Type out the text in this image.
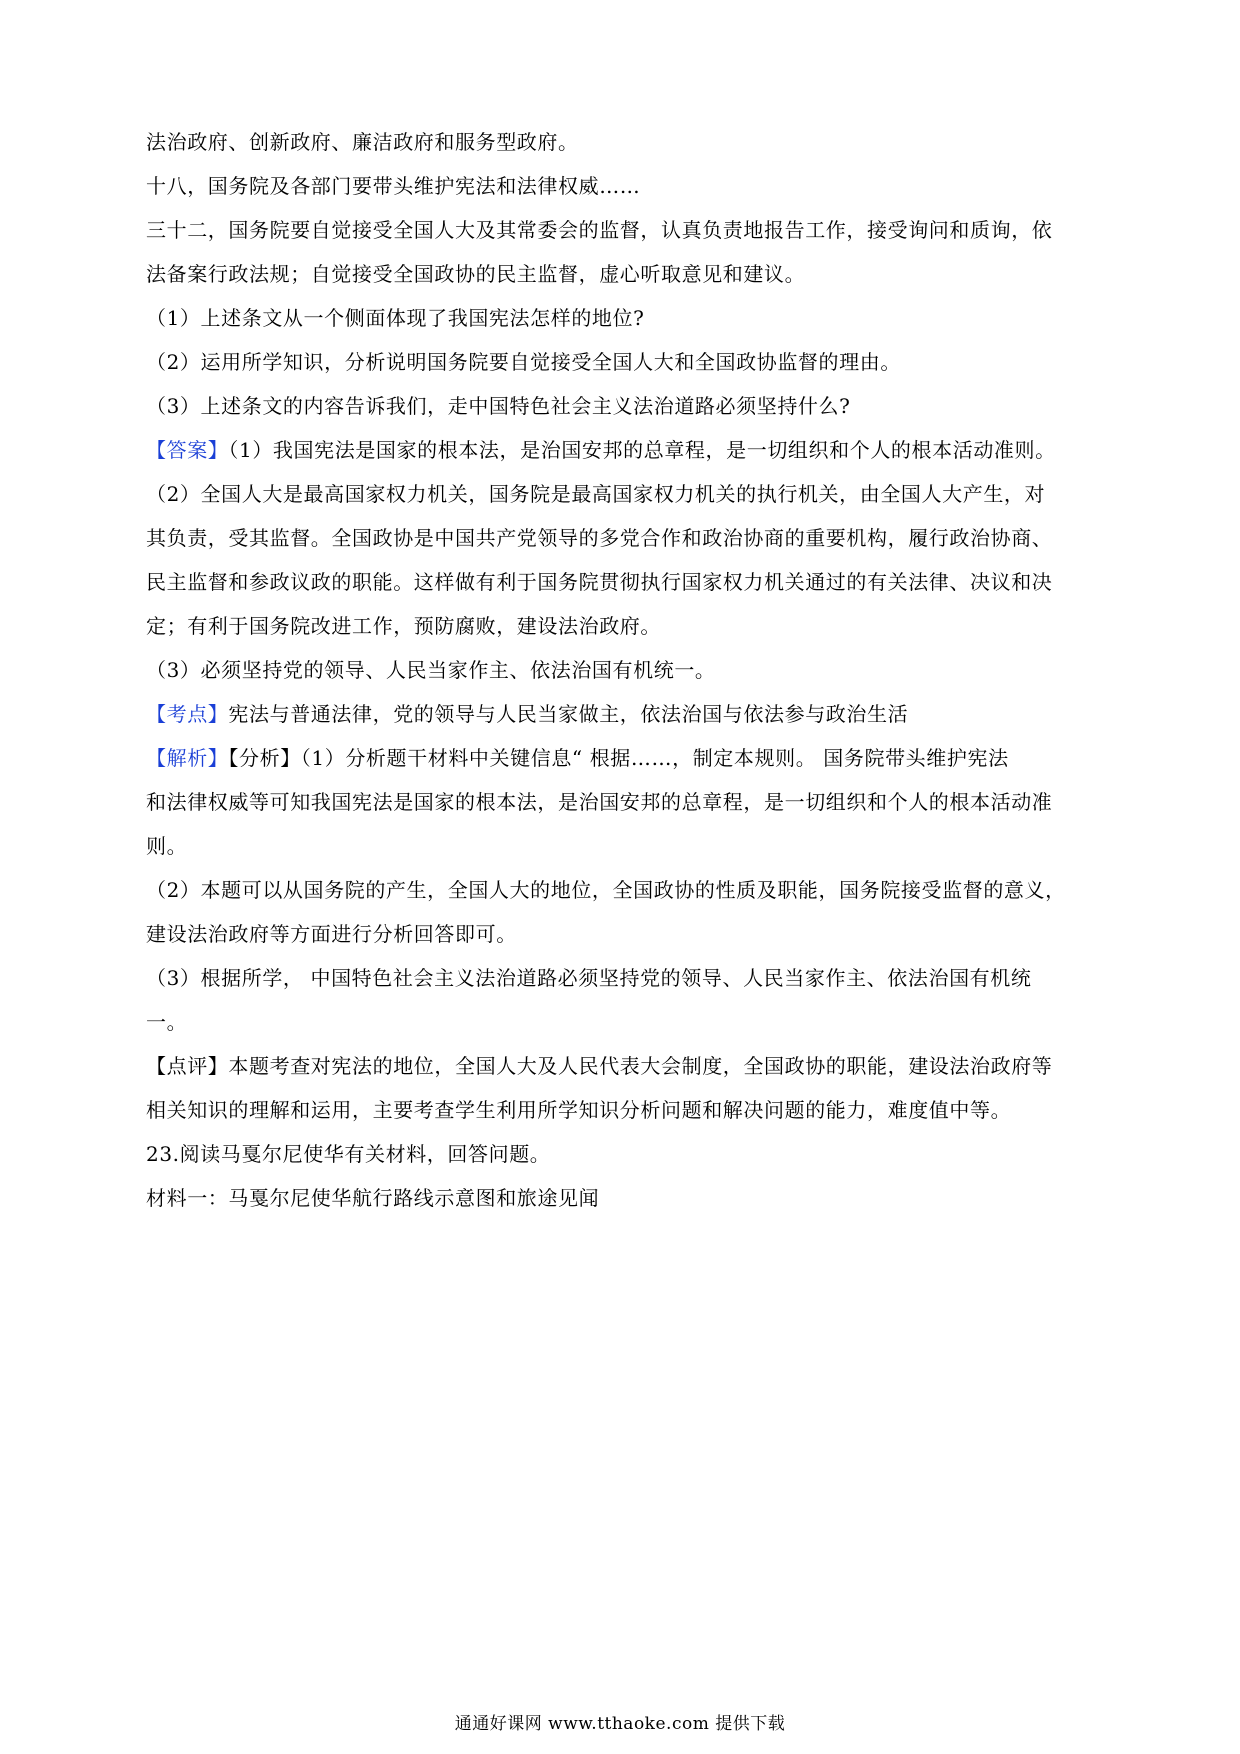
法治政府、创新政府、廉洁政府和服务型政府。
十八，国务院及各部门要带头维护宪法和法律权威……
三十二，国务院要自觉接受全国人大及其常委会的监督，认真负责地报告工作，接受询问和质询，依
法备案行政法规；自觉接受全国政协的民主监督，虚心听取意见和建议。
（1）上述条文从一个侧面体现了我国宪法怎样的地位?
（2）运用所学知识，分析说明国务院要自觉接受全国人大和全国政协监督的理由。
（3）上述条文的内容告诉我们，走中国特色社会主义法治道路必须坚持什么?
【答案】（1）我国宪法是国家的根本法，是治国安邦的总章程，是一切组织和个人的根本活动准则。
（2）全国人大是最高国家权力机关，国务院是最高国家权力机关的执行机关，由全国人大产生，对
其负责，受其监督。全国政协是中国共产党领导的多党合作和政治协商的重要机构，履行政治协商、
民主监督和参政议政的职能。这样做有利于国务院贯彻执行国家权力机关通过的有关法律、决议和决
定；有利于国务院改进工作，预防腐败，建设法治政府。
（3）必须坚持党的领导、人民当家作主、依法治国有机统一。
【考点】宪法与普通法律，党的领导与人民当家做主，依法治国与依法参与政治生活
【解析】【分析】（1）分析题干材料中关键信息“ 根据……，制定本规则。 国务院带头维护宪法
和法律权威等可知我国宪法是国家的根本法，是治国安邦的总章程，是一切组织和个人的根本活动准
则。
（2）本题可以从国务院的产生，全国人大的地位，全国政协的性质及职能，国务院接受监督的意义，
建设法治政府等方面进行分析回答即可。
（3）根据所学， 中国特色社会主义法治道路必须坚持党的领导、人民当家作主、依法治国有机统
一。
【点评】本题考查对宪法的地位，全国人大及人民代表大会制度，全国政协的职能，建设法治政府等
相关知识的理解和运用，主要考查学生利用所学知识分析问题和解决问题的能力，难度值中等。
23.阅读马戛尔尼使华有关材料，回答问题。
材料一：马戛尔尼使华航行路线示意图和旅途见闻
通通好课网 www.tthaoke.com 提供下载
